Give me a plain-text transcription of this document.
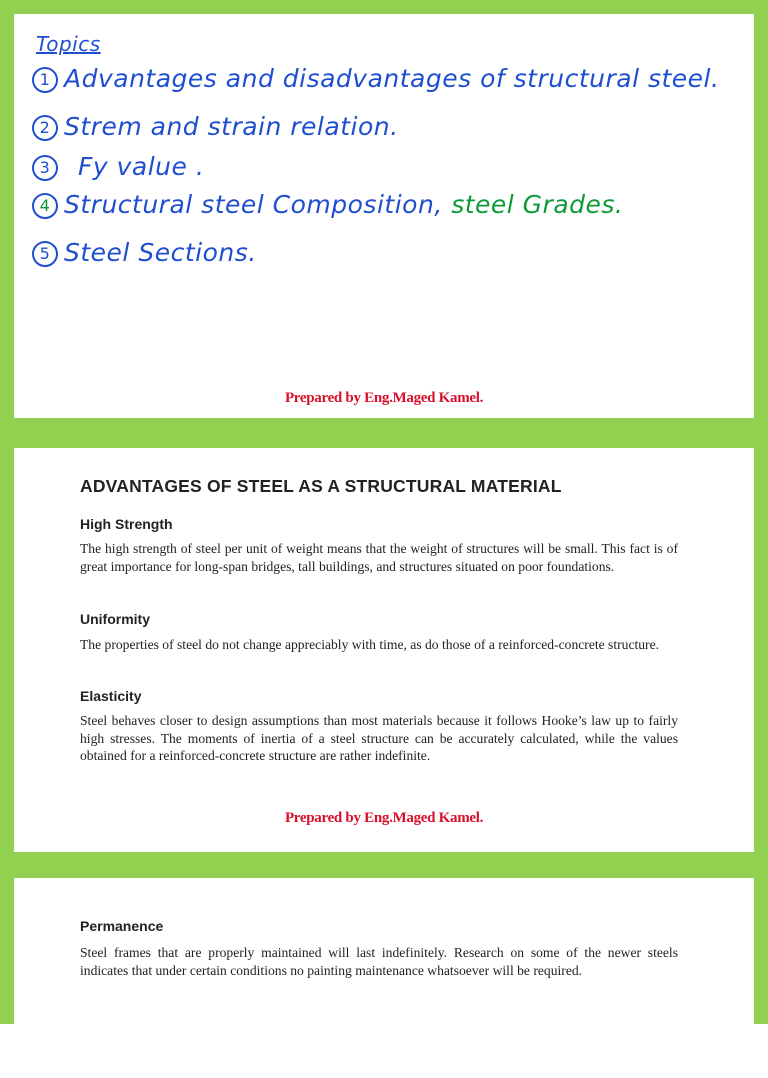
Topics
1 Advantages and disadvantages of structural steel.
2 Strem and strain relation.
3 Fy value .
4 Structural steel Composition, steel Grades.
5 Steel Sections.
Prepared by Eng.Maged Kamel.
ADVANTAGES OF STEEL AS A STRUCTURAL MATERIAL
High Strength

The high strength of steel per unit of weight means that the weight of structures will be small. This fact is of great importance for long-span bridges, tall buildings, and structures situated on poor foundations.

Uniformity

The properties of steel do not change appreciably with time, as do those of a reinforced-concrete structure.

Elasticity

Steel behaves closer to design assumptions than most materials because it follows Hooke’s law up to fairly high stresses. The moments of inertia of a steel structure can be accurately calculated, while the values obtained for a reinforced-concrete structure are rather indefinite.

Prepared by Eng.Maged Kamel.
Permanence

Steel frames that are properly maintained will last indefinitely. Research on some of the newer steels indicates that under certain conditions no painting maintenance whatsoever will be required.
